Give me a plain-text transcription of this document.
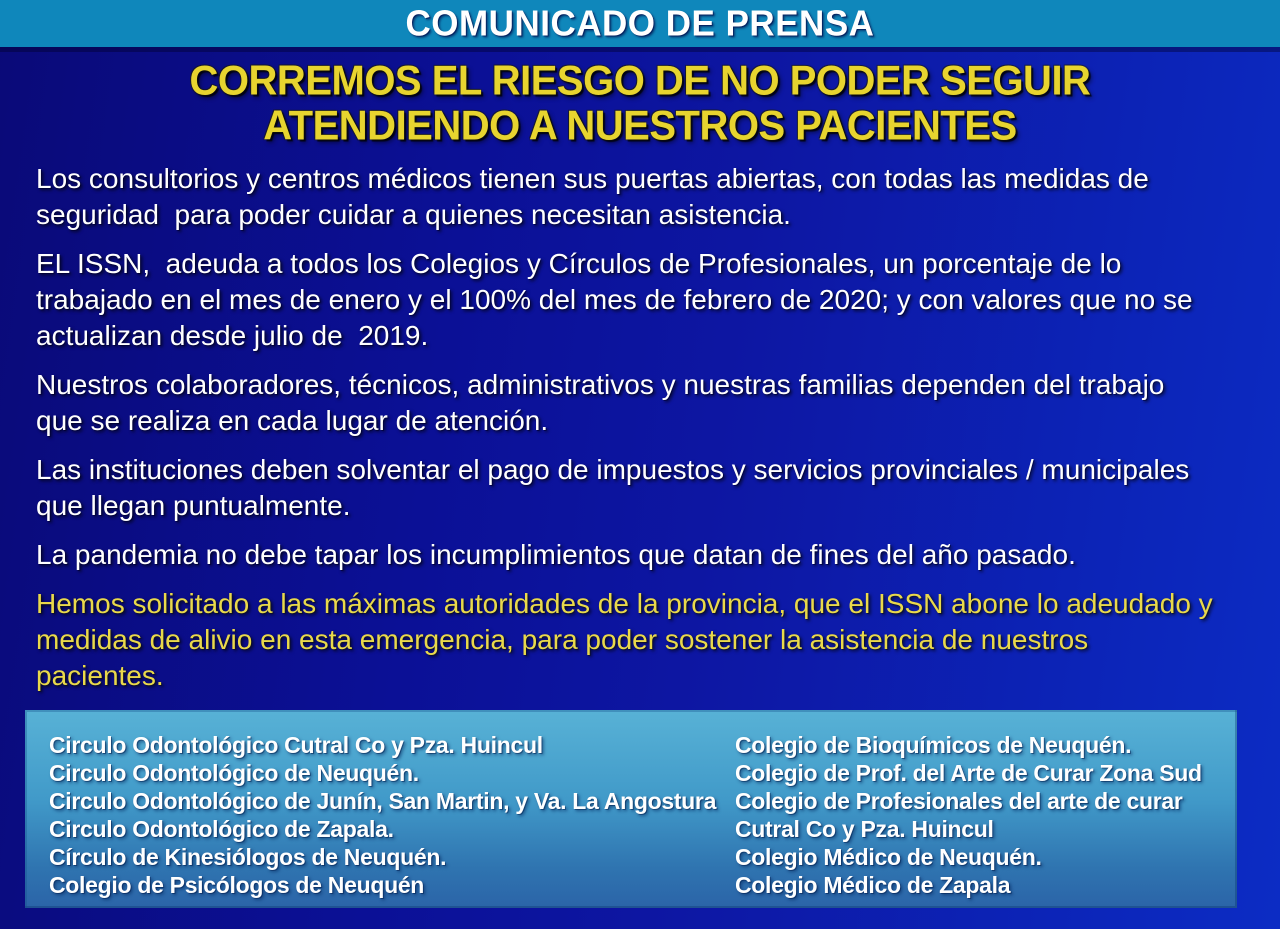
COMUNICADO DE PRENSA
CORREMOS EL RIESGO DE NO PODER SEGUIR
ATENDIENDO A NUESTROS PACIENTES

Los consultorios y centros médicos tienen sus puertas abiertas, con todas las medidas de seguridad  para poder cuidar a quienes necesitan asistencia.

EL ISSN,  adeuda a todos los Colegios y Círculos de Profesionales, un porcentaje de lo trabajado en el mes de enero y el 100% del mes de febrero de 2020; y con valores que no se actualizan desde julio de  2019.

Nuestros colaboradores, técnicos, administrativos y nuestras familias dependen del trabajo que se realiza en cada lugar de atención.

Las instituciones deben solventar el pago de impuestos y servicios provinciales / municipales que llegan puntualmente.

La pandemia no debe tapar los incumplimientos que datan de fines del año pasado.

Hemos solicitado a las máximas autoridades de la provincia, que el ISSN abone lo adeudado y medidas de alivio en esta emergencia, para poder sostener la asistencia de nuestros pacientes.

Circulo Odontológico Cutral Co y Pza. Huincul
Circulo Odontológico de Neuquén.
Circulo Odontológico de Junín, San Martin, y Va. La Angostura
Circulo Odontológico de Zapala.
Círculo de Kinesiólogos de Neuquén.
Colegio de Psicólogos de Neuquén
Colegio de Bioquímicos de Neuquén.
Colegio de Prof. del Arte de Curar Zona Sud
Colegio de Profesionales del arte de curar
Cutral Co y Pza. Huincul
Colegio Médico de Neuquén.
Colegio Médico de Zapala
